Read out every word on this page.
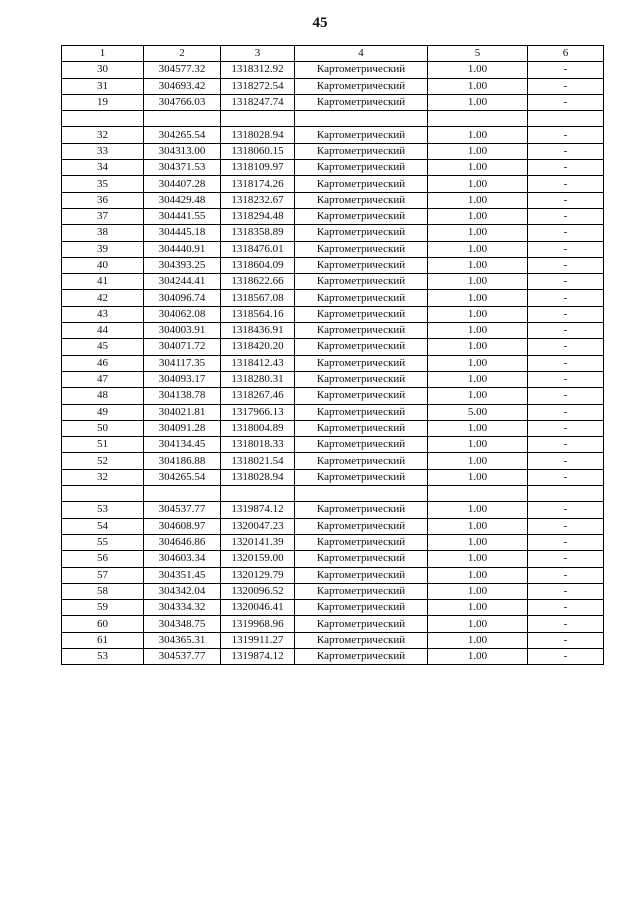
45
1	2	3	4	5	6
30	304577.32	1318312.92	Картометрический	1.00	-
31	304693.42	1318272.54	Картометрический	1.00	-
19	304766.03	1318247.74	Картометрический	1.00	-

32	304265.54	1318028.94	Картометрический	1.00	-
33	304313.00	1318060.15	Картометрический	1.00	-
34	304371.53	1318109.97	Картометрический	1.00	-
35	304407.28	1318174.26	Картометрический	1.00	-
36	304429.48	1318232.67	Картометрический	1.00	-
37	304441.55	1318294.48	Картометрический	1.00	-
38	304445.18	1318358.89	Картометрический	1.00	-
39	304440.91	1318476.01	Картометрический	1.00	-
40	304393.25	1318604.09	Картометрический	1.00	-
41	304244.41	1318622.66	Картометрический	1.00	-
42	304096.74	1318567.08	Картометрический	1.00	-
43	304062.08	1318564.16	Картометрический	1.00	-
44	304003.91	1318436.91	Картометрический	1.00	-
45	304071.72	1318420.20	Картометрический	1.00	-
46	304117.35	1318412.43	Картометрический	1.00	-
47	304093.17	1318280.31	Картометрический	1.00	-
48	304138.78	1318267.46	Картометрический	1.00	-
49	304021.81	1317966.13	Картометрический	5.00	-
50	304091.28	1318004.89	Картометрический	1.00	-
51	304134.45	1318018.33	Картометрический	1.00	-
52	304186.88	1318021.54	Картометрический	1.00	-
32	304265.54	1318028.94	Картометрический	1.00	-

53	304537.77	1319874.12	Картометрический	1.00	-
54	304608.97	1320047.23	Картометрический	1.00	-
55	304646.86	1320141.39	Картометрический	1.00	-
56	304603.34	1320159.00	Картометрический	1.00	-
57	304351.45	1320129.79	Картометрический	1.00	-
58	304342.04	1320096.52	Картометрический	1.00	-
59	304334.32	1320046.41	Картометрический	1.00	-
60	304348.75	1319968.96	Картометрический	1.00	-
61	304365.31	1319911.27	Картометрический	1.00	-
53	304537.77	1319874.12	Картометрический	1.00	-
